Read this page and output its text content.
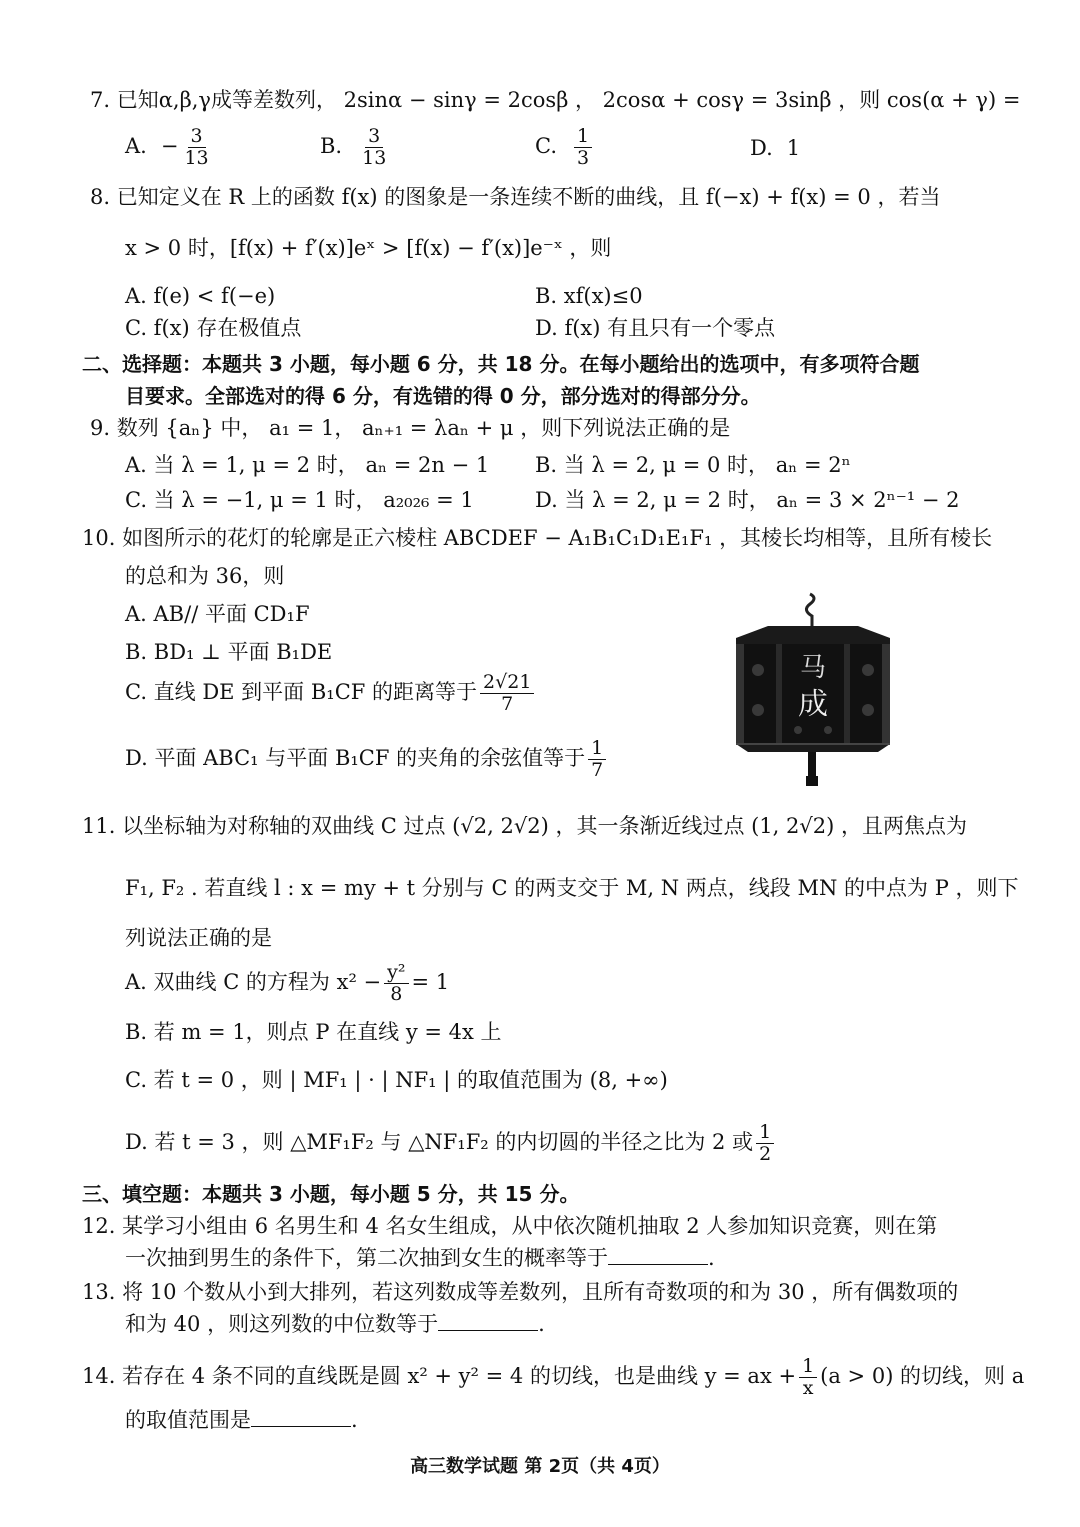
7. 已知α,β,γ成等差数列， 2sinα − sinγ = 2cosβ ， 2cosα + cosγ = 3sinβ ，则 cos(α + γ) =
A. − $\frac{3}{13}$	B. $\frac{3}{13}$	C. $\frac{1}{3}$	D. 1
8. 已知定义在 R 上的函数 f(x) 的图象是一条连续不断的曲线，且 f(−x) + f(x) = 0 ，若当
x > 0 时，[f(x) + f′(x)]eˣ > [f(x) − f′(x)]e⁻ˣ ，则
A. f(e) < f(−e)	B. xf(x)≤0
C. f(x) 存在极值点	D. f(x) 有且只有一个零点
二、选择题：本题共 3 小题，每小题 6 分，共 18 分。在每小题给出的选项中，有多项符合题
目要求。全部选对的得 6 分，有选错的得 0 分，部分选对的得部分分。
9. 数列 {aₙ} 中， a₁ = 1， aₙ₊₁ = λaₙ + μ ，则下列说法正确的是
A. 当 λ = 1, μ = 2 时， aₙ = 2n − 1 B. 当 λ = 2, μ = 0 时， aₙ = 2ⁿ
C. 当 λ = −1, μ = 1 时， a₂₀₂₆ = 1	D. 当 λ = 2, μ = 2 时， aₙ = 3 × 2ⁿ⁻¹ − 2
10. 如图所示的花灯的轮廓是正六棱柱 ABCDEF − A₁B₁C₁D₁E₁F₁ ，其棱长均相等，且所有棱长
的总和为 36，则
A. AB// 平面 CD₁F
B. BD₁ ⊥ 平面 B₁DE
C. 直线 DE 到平面 B₁CF 的距离等于 $\frac{2√21}{7}$
D. 平面 ABC₁ 与平面 B₁CF 的夹角的余弦值等于 $\frac{1}{7}$
马
成
11. 以坐标轴为对称轴的双曲线 C 过点 (√2, 2√2) ，其一条渐近线过点 (1, 2√2) ，且两焦点为
F₁, F₂ . 若直线 l : x = my + t 分别与 C 的两支交于 M, N 两点，线段 MN 的中点为 P ，则下
列说法正确的是
A. 双曲线 C 的方程为 $x^2 - \frac{\text{y²}}{8} = 1$
B. 若 m = 1，则点 P 在直线 y = 4x 上
C. 若 t = 0 ，则 | MF₁ | · | NF₁ | 的取值范围为 (8, +∞)
D. 若 t = 3 ，则 △MF₁F₂ 与 △NF₁F₂ 的内切圆的半径之比为 2 或 $\frac{1}{2}$
三、填空题：本题共 3 小题，每小题 5 分，共 15 分。
12. 某学习小组由 6 名男生和 4 名女生组成，从中依次随机抽取 2 人参加知识竞赛，则在第
一次抽到男生的条件下，第二次抽到女生的概率等于	.
13. 将 10 个数从小到大排列，若这列数成等差数列，且所有奇数项的和为 30 ，所有偶数项的
和为 40 ，则这列数的中位数等于	.
14. 若存在 4 条不同的直线既是圆 x² + y² = 4 的切线，也是曲线 y = ax + $\frac{1}{x} (a > 0)$ 的切线，则 a
的取值范围是	.
高三数学试题 第 2页（共 4页）
